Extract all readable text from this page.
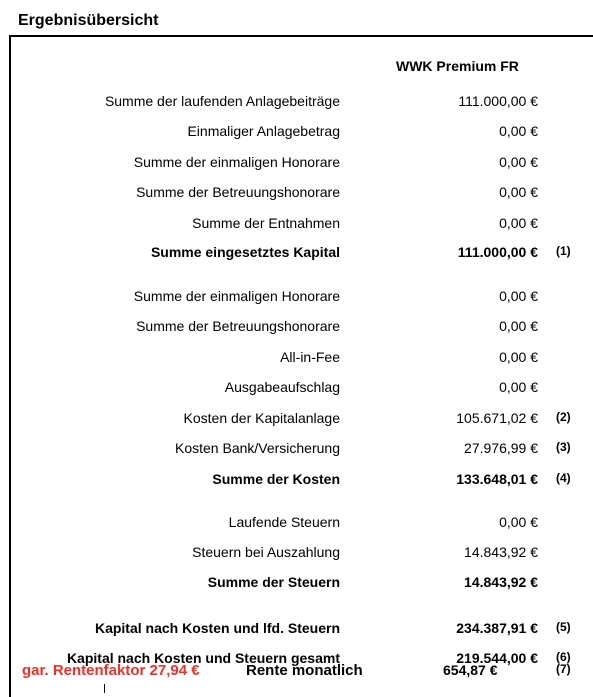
Ergebnisübersicht
WWK Premium FR
Summe der laufenden Anlagebeiträge	111.000,00 €
Einmaliger Anlagebetrag	0,00 €
Summe der einmaligen Honorare	0,00 €
Summe der Betreuungshonorare	0,00 €
Summe der Entnahmen	0,00 €
Summe eingesetztes Kapital	111.000,00 € (1)
Summe der einmaligen Honorare	0,00 €
Summe der Betreuungshonorare	0,00 €
All-in-Fee	0,00 €
Ausgabeaufschlag	0,00 €
Kosten der Kapitalanlage	105.671,02 € (2)
Kosten Bank/Versicherung	27.976,99 € (3)
Summe der Kosten	133.648,01 € (4)
Laufende Steuern	0,00 €
Steuern bei Auszahlung	14.843,92 €
Summe der Steuern	14.843,92 €
Kapital nach Kosten und lfd. Steuern	234.387,91 € (5)
Kapital nach Kosten und Steuern gesamt	219.544,00 € (6)
gar. Rentenfaktor 27,94 €	Rente monatlich	654,87 €	(7)
